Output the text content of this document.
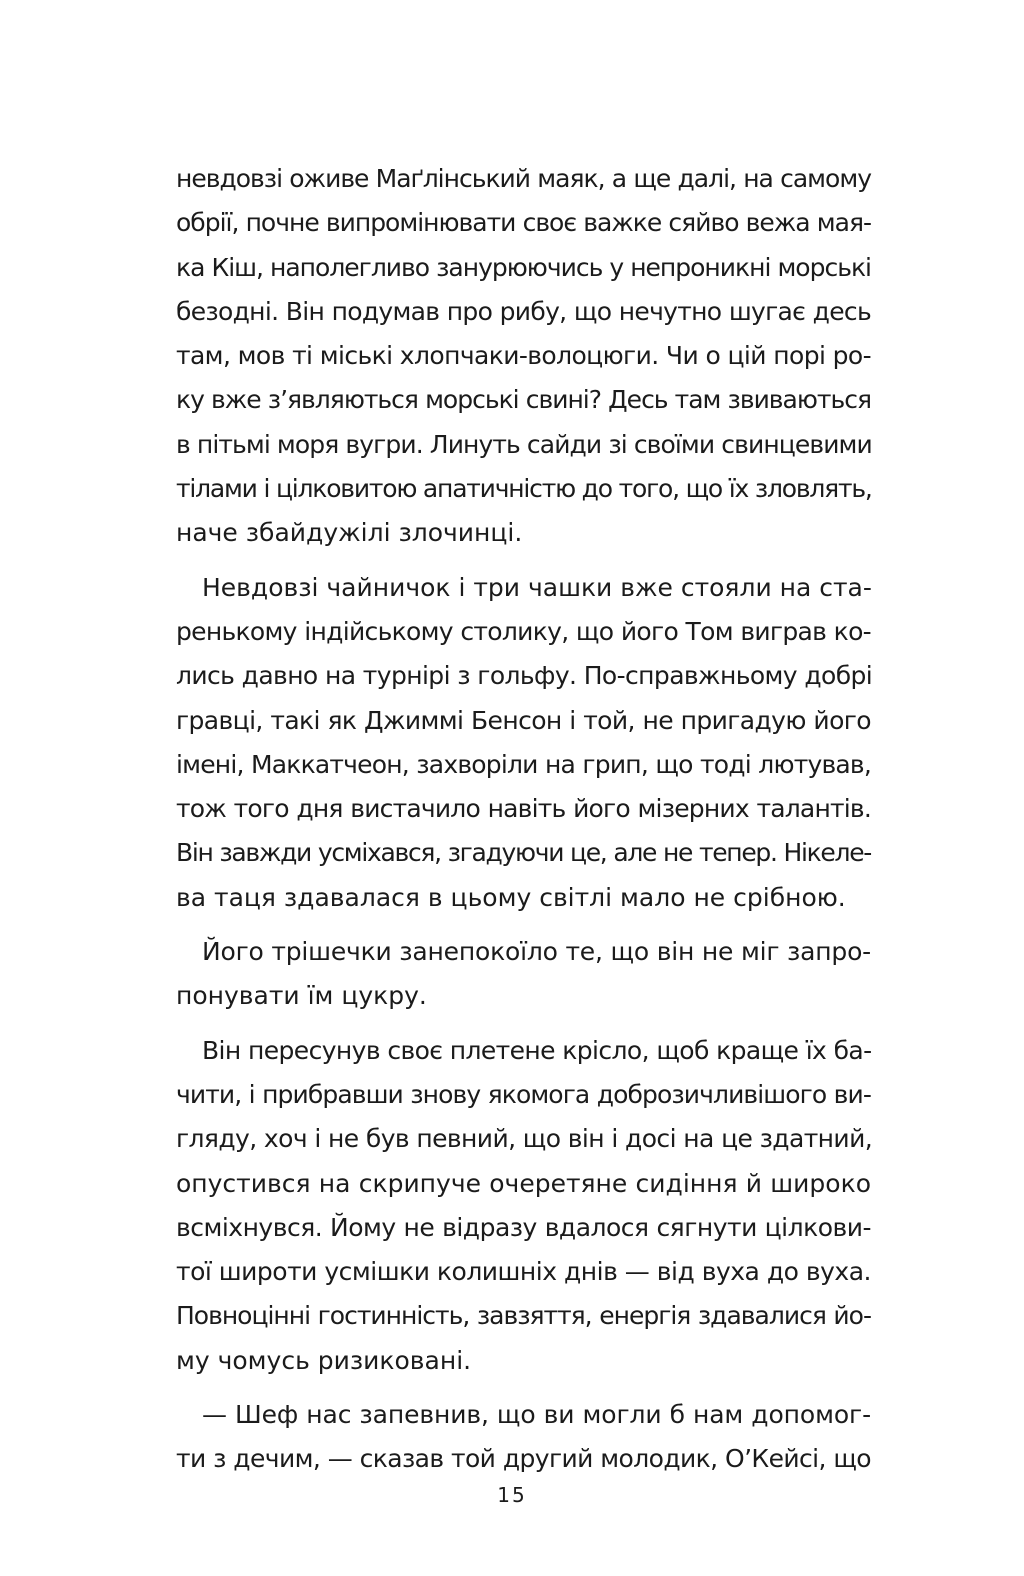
невдовзі оживе Маґлінський маяк, а ще далі, на самому
обрії, почне випромінювати своє важке сяйво вежа мая-
ка Кіш, наполегливо занурюючись у непроникні морські
безодні. Він подумав про рибу, що нечутно шугає десь
там, мов ті міські хлопчаки-волоцюги. Чи о цій порі ро-
ку вже з’являються морські свині? Десь там звиваються
в пітьмі моря вугри. Линуть сайди зі своїми свинцевими
тілами і цілковитою апатичністю до того, що їх зловлять,
наче збайдужілі злочинці.
Невдовзі чайничок і три чашки вже стояли на ста-
ренькому індійському столику, що його Том виграв ко-
лись давно на турнірі з гольфу. По-справжньому добрі
гравці, такі як Джиммі Бенсон і той, не пригадую його
імені, Маккатчеон, захворіли на грип, що тоді лютував,
тож того дня вистачило навіть його мізерних талантів.
Він завжди усміхався, згадуючи це, але не тепер. Нікеле-
ва таця здавалася в цьому світлі мало не срібною.
Його трішечки занепокоїло те, що він не міг запро-
понувати їм цукру.
Він пересунув своє плетене крісло, щоб краще їх ба-
чити, і прибравши знову якомога доброзичливішого ви-
гляду, хоч і не був певний, що він і досі на це здатний,
опустився на скрипуче очеретяне сидіння й широко
всміхнувся. Йому не відразу вдалося сягнути цілкови-
тої широти усмішки колишніх днів — від вуха до вуха.
Повноцінні гостинність, завзяття, енергія здавалися йо-
му чомусь ризиковані.
— Шеф нас запевнив, що ви могли б нам допомог-
ти з дечим, — сказав той другий молодик, О’Кейсі, що
15
